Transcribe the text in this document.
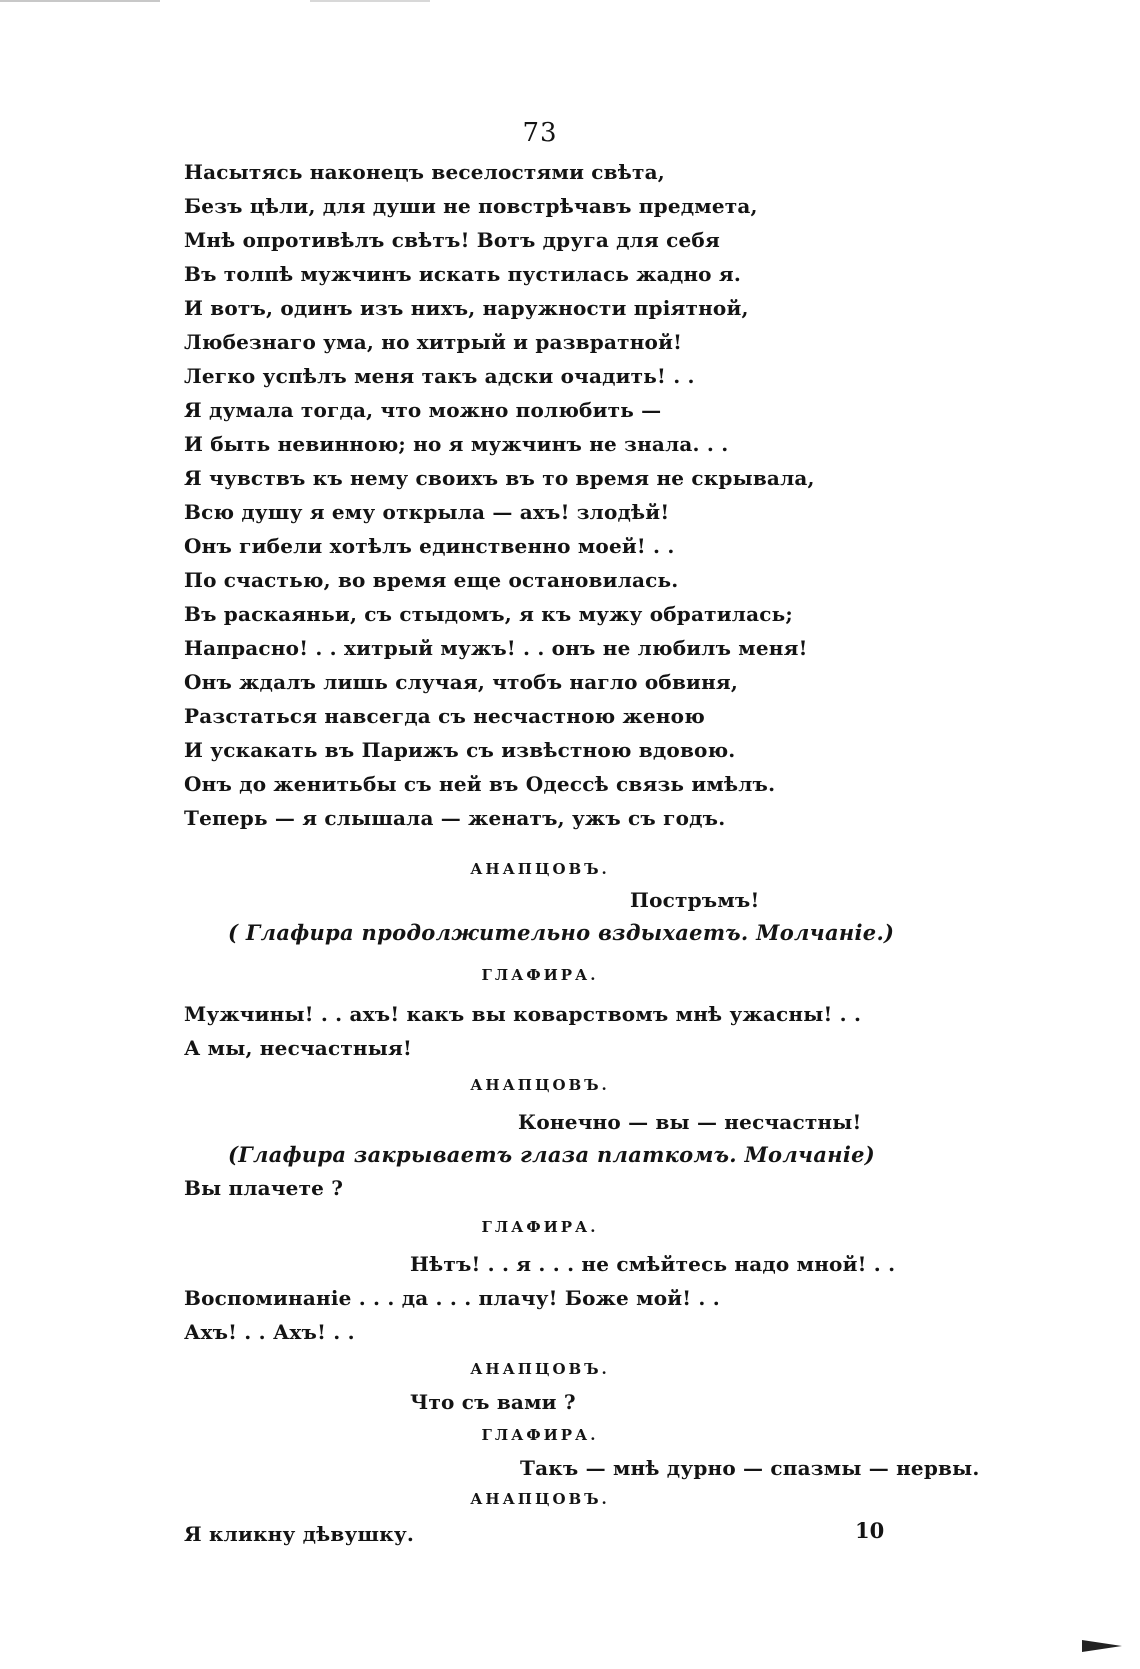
73
Насытясь наконецъ веселостями свѣта,
Безъ цѣли, для души не повстрѣчавъ предмета,
Мнѣ опротивѣлъ свѣтъ! Вотъ друга для себя
Въ толпѣ мужчинъ искать пустилась жадно я.
И вотъ, одинъ изъ нихъ, наружности пріятной,
Любезнаго ума, но хитрый и развратной!
Легко успѣлъ меня такъ адски очадить! . .
Я думала тогда, что можно полюбить —
И быть невинною; но я мужчинъ не знала. . .
Я чувствъ къ нему своихъ въ то время не скрывала,
Всю душу я ему открыла — ахъ! злодѣй!
Онъ гибели хотѣлъ единственно моей! . .
По счастью, во время еще остановилась.
Въ раскаяньи, съ стыдомъ, я къ мужу обратилась;
Напрасно! . . хитрый мужъ! . . онъ не любилъ меня!
Онъ ждалъ лишь случая, чтобъ нагло обвиня,
Разстаться навсегда съ несчастною женою
И ускакать въ Парижъ съ извѣстною вдовою.
Онъ до женитьбы съ ней въ Одессѣ связь имѣлъ.
Теперь — я слышала — женатъ, ужъ съ годъ.
АНАПЦОВЪ.
Постръмъ!
( Глафира продолжительно вздыхаетъ. Молчаніе.)
ГЛАФИРА.
Мужчины! . . ахъ! какъ вы коварствомъ мнѣ ужасны! . .
А мы, несчастныя!
АНАПЦОВЪ.
Конечно — вы — несчастны!
(Глафира закрываетъ глаза платкомъ. Молчаніе)
Вы плачете ?
ГЛАФИРА.
Нѣтъ! . . я . . . не смѣйтесь надо мной! . .
Воспоминаніе . . . да . . . плачу! Боже мой! . .
Ахъ! . . Ахъ! . .
АНАПЦОВЪ.
Что съ вами ?
ГЛАФИРА.
Такъ — мнѣ дурно — спазмы — нервы.
АНАПЦОВЪ.
Я кликну дѣвушку.	10
